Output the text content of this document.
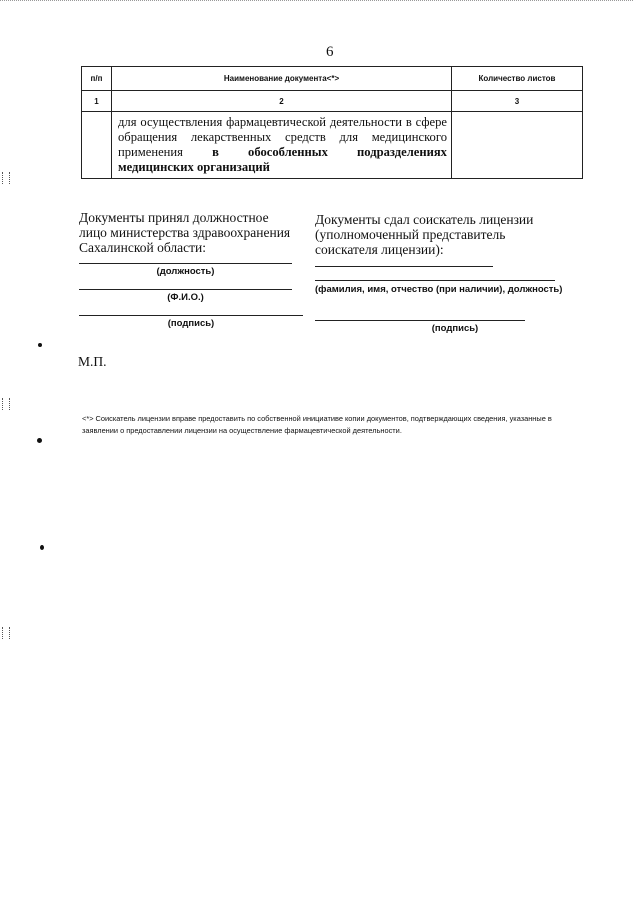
6
п/п	Наименование документа<*>	Количество листов
1	2	3

	для осуществления фармацевтической деятельности в сфере обращения лекарственных средств для медицинского применения в обособленных подразделениях медицинских организаций	

Документы принял должностное лицо министерства здравоохранения Сахалинской области:
Документы сдал соискатель лицензии (уполномоченный представитель соискателя лицензии):
(должность)
(Ф.И.О.)
(подпись)
(фамилия, имя, отчество (при наличии), должность)
(подпись)
М.П.
<*> Соискатель лицензии вправе предоставить по собственной инициативе копии документов, подтверждающих сведения, указанные в заявлении о предоставлении лицензии на осуществление фармацевтической деятельности.
